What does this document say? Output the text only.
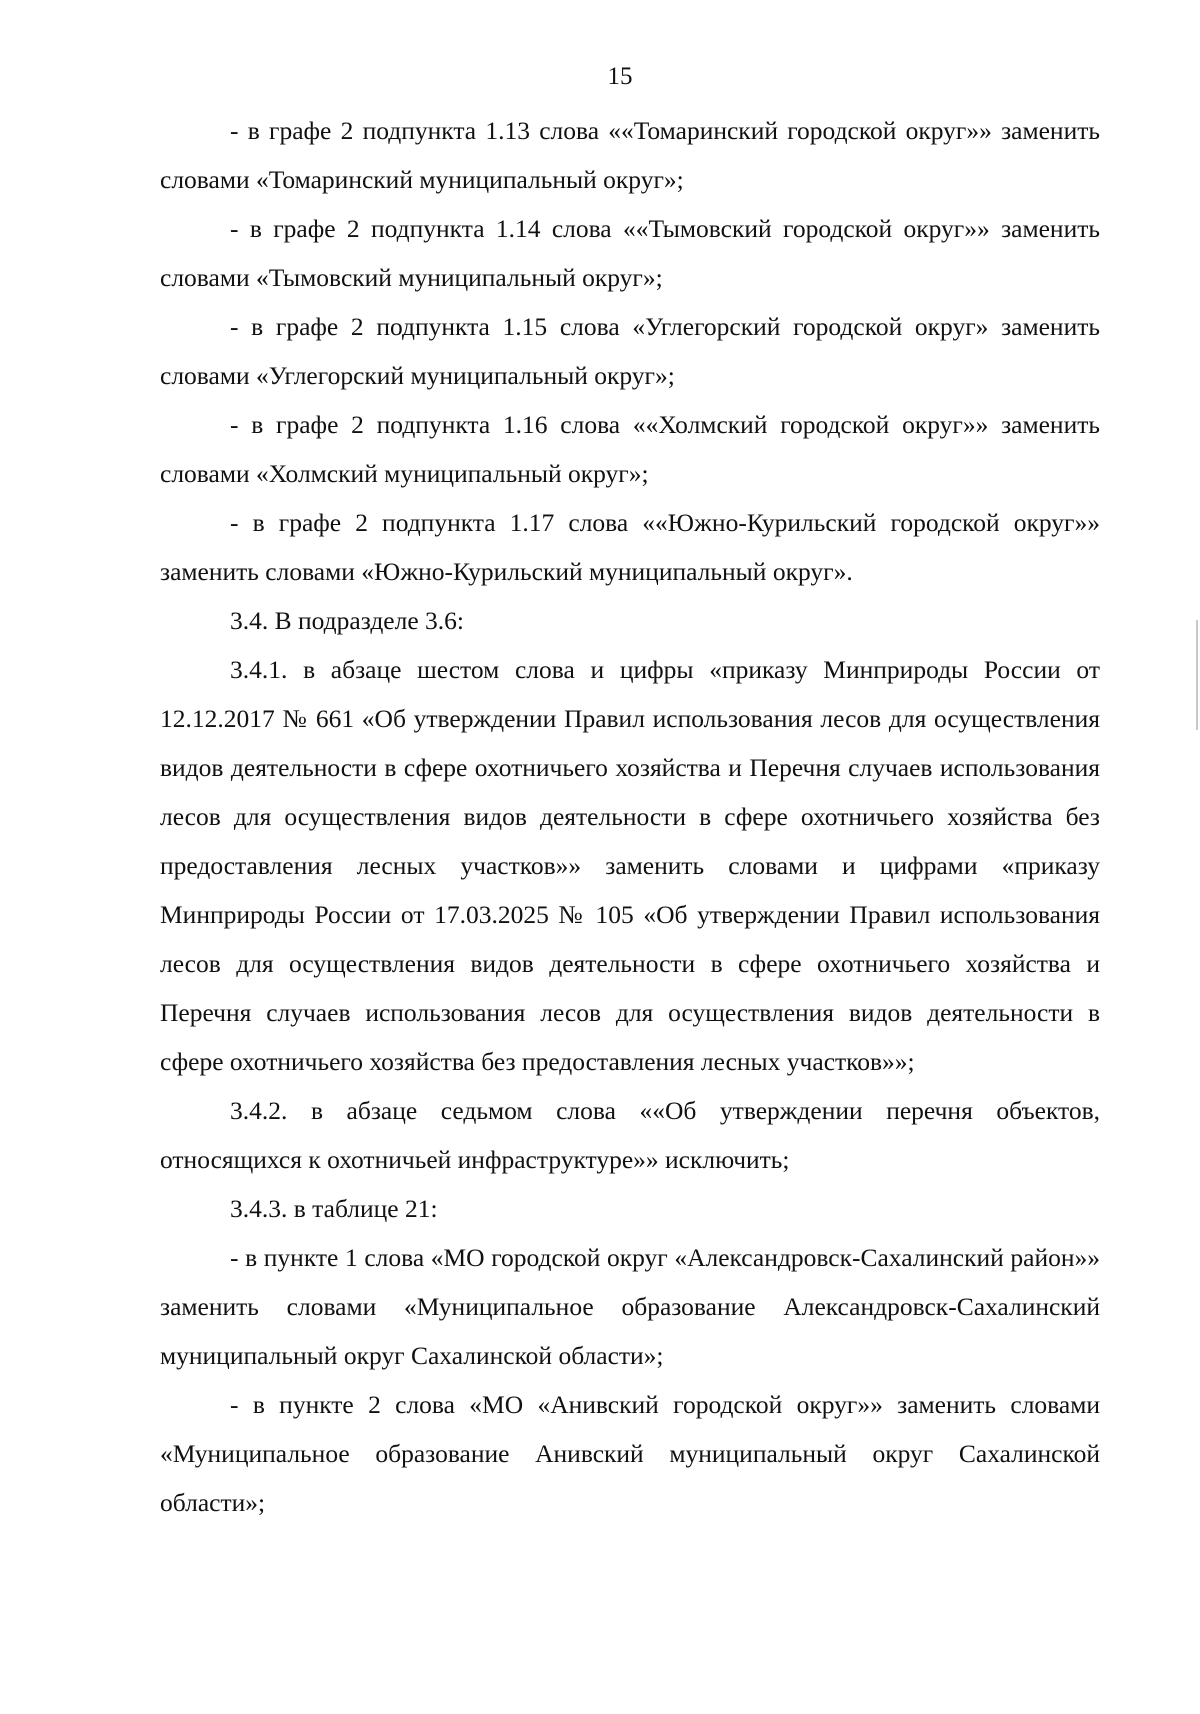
15

- в графе 2 подпункта 1.13 слова ««Томаринский городской округ»» заменить словами «Томаринский муниципальный округ»;

- в графе 2 подпункта 1.14 слова ««Тымовский городской округ»» заменить словами «Тымовский муниципальный округ»;

- в графе 2 подпункта 1.15 слова «Углегорский городской округ» заменить словами «Углегорский муниципальный округ»;

- в графе 2 подпункта 1.16 слова ««Холмский городской округ»» заменить словами «Холмский муниципальный округ»;

- в графе 2 подпункта 1.17 слова ««Южно-Курильский городской округ»» заменить словами «Южно-Курильский муниципальный округ».

3.4. В подразделе 3.6:

3.4.1. в абзаце шестом слова и цифры «приказу Минприроды России от 12.12.2017 № 661 «Об утверждении Правил использования лесов для осуществления видов деятельности в сфере охотничьего хозяйства и Перечня случаев использования лесов для осуществления видов деятельности в сфере охотничьего хозяйства без предоставления лесных участков»» заменить словами и цифрами «приказу Минприроды России от 17.03.2025 № 105 «Об утверждении Правил использования лесов для осуществления видов деятельности в сфере охотничьего хозяйства и Перечня случаев использования лесов для осуществления видов деятельности в сфере охотничьего хозяйства без предоставления лесных участков»»;

3.4.2. в абзаце седьмом слова ««Об утверждении перечня объектов, относящихся к охотничьей инфраструктуре»» исключить;

3.4.3. в таблице 21:

- в пункте 1 слова «МО городской округ «Александровск-Сахалинский район»» заменить словами «Муниципальное образование Александровск-Сахалинский муниципальный округ Сахалинской области»;

- в пункте 2 слова «МО «Анивский городской округ»» заменить словами «Муниципальное образование Анивский муниципальный округ Сахалинской области»;
